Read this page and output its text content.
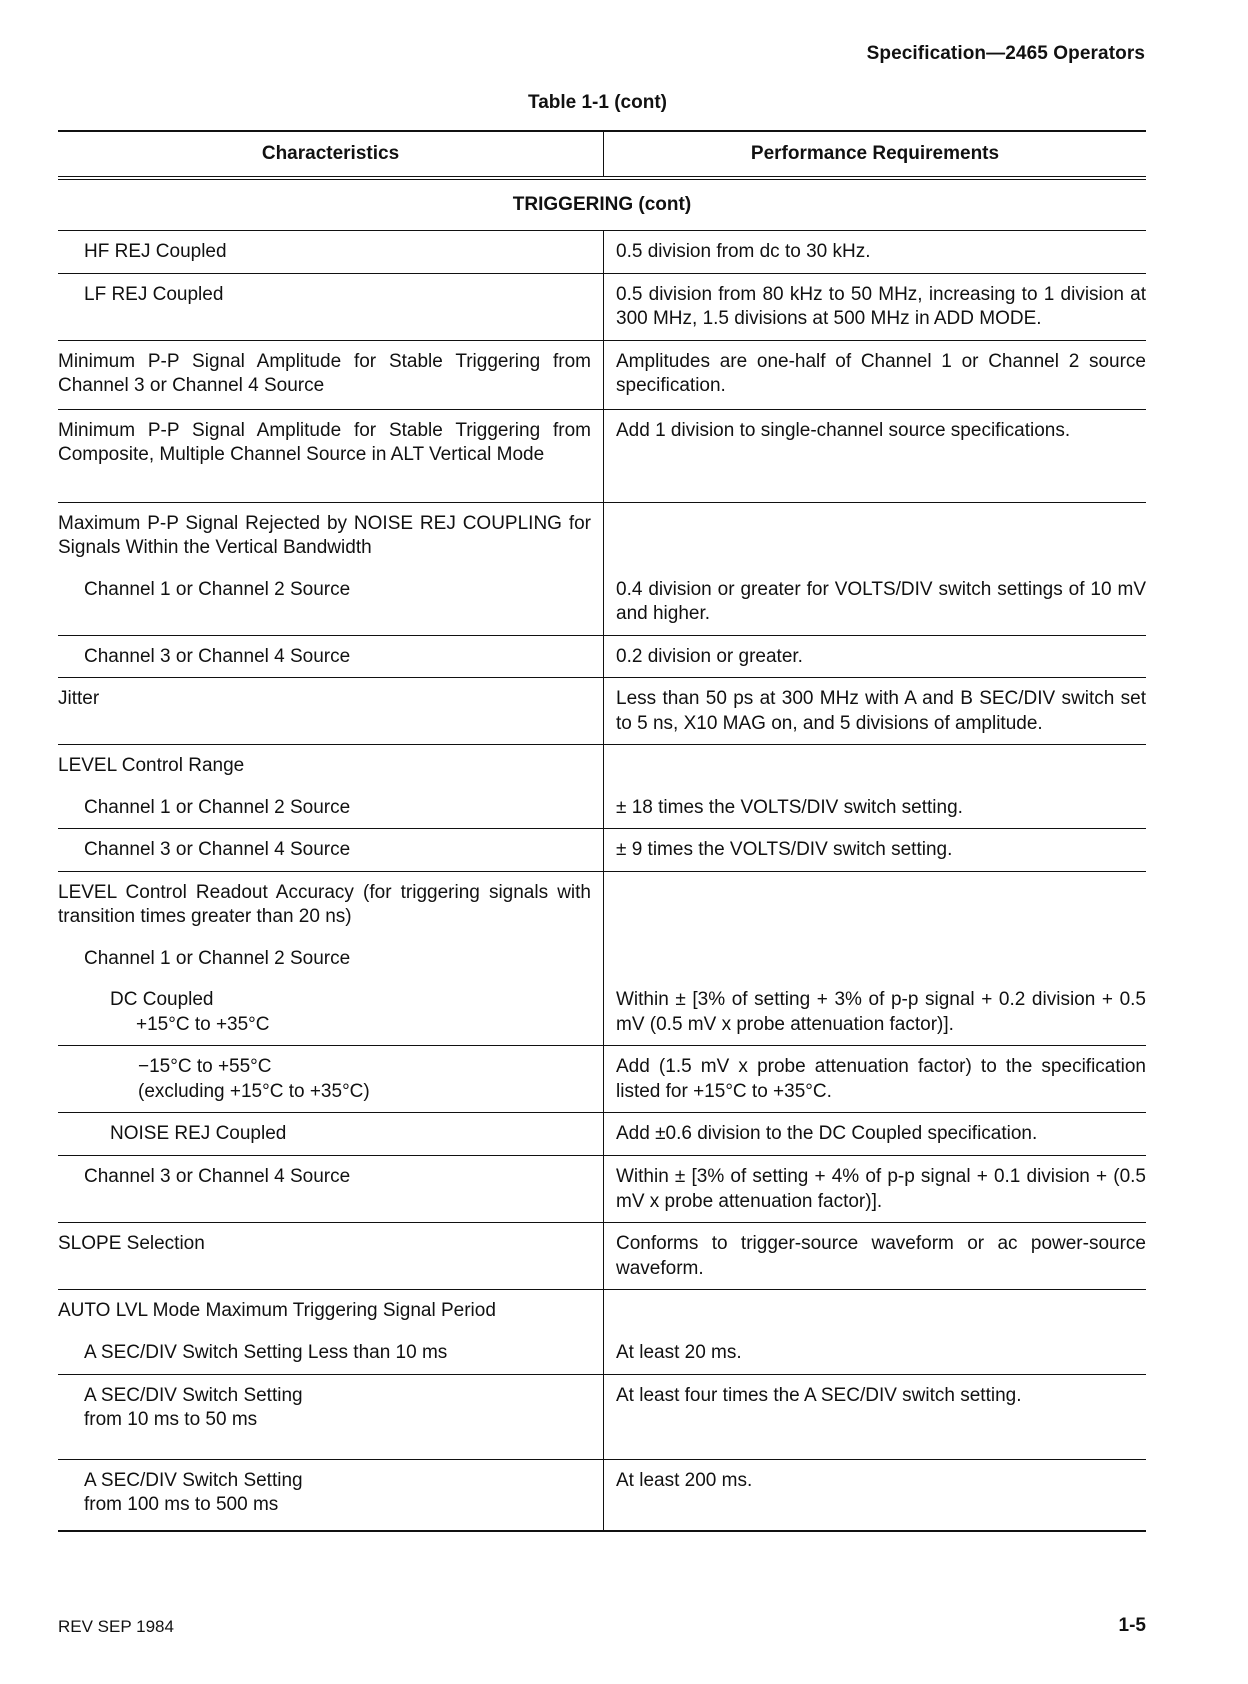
Specification—2465 Operators
Table 1-1 (cont)
Characteristics	Performance Requirements
TRIGGERING (cont)	
HF REJ Coupled	0.5 division from dc to 30 kHz.
LF REJ Coupled	0.5 division from 80 kHz to 50 MHz, increasing to 1 division at 300 MHz, 1.5 divisions at 500 MHz in ADD MODE.
Minimum P-P Signal Amplitude for Stable Triggering from Channel 3 or Channel 4 Source	Amplitudes are one-half of Channel 1 or Channel 2 source specification.
Minimum P-P Signal Amplitude for Stable Triggering from Composite, Multiple Channel Source in ALT Vertical Mode	Add 1 division to single-channel source specifications.
Maximum P-P Signal Rejected by NOISE REJ COUPLING for Signals Within the Vertical Bandwidth	
Channel 1 or Channel 2 Source	0.4 division or greater for VOLTS/DIV switch settings of 10 mV and higher.
Channel 3 or Channel 4 Source	0.2 division or greater.
Jitter	Less than 50 ps at 300 MHz with A and B SEC/DIV switch set to 5 ns, X10 MAG on, and 5 divisions of amplitude.
LEVEL Control Range	
Channel 1 or Channel 2 Source	± 18 times the VOLTS/DIV switch setting.
Channel 3 or Channel 4 Source	± 9 times the VOLTS/DIV switch setting.
LEVEL Control Readout Accuracy (for triggering signals with transition times greater than 20 ns)	
Channel 1 or Channel 2 Source	

DC Coupled
+15°C to +35°C	Within ± [3% of setting + 3% of p-p signal + 0.2 division + 0.5 mV (0.5 mV x probe attenuation factor)].

−15°C to +55°C
(excluding +15°C to +35°C)	Add (1.5 mV x probe attenuation factor) to the specification listed for +15°C to +35°C.
NOISE REJ Coupled	Add ±0.6 division to the DC Coupled specification.
Channel 3 or Channel 4 Source	Within ± [3% of setting + 4% of p-p signal + 0.1 division + (0.5 mV x probe attenuation factor)].
SLOPE Selection	Conforms to trigger-source waveform or ac power-source waveform.
AUTO LVL Mode Maximum Triggering Signal Period	
A SEC/DIV Switch Setting Less than 10 ms	At least 20 ms.

A SEC/DIV Switch Setting
from 10 ms to 50 ms	At least four times the A SEC/DIV switch setting.

A SEC/DIV Switch Setting
from 100 ms to 500 ms	At least 200 ms.
REV SEP 1984	1-5
